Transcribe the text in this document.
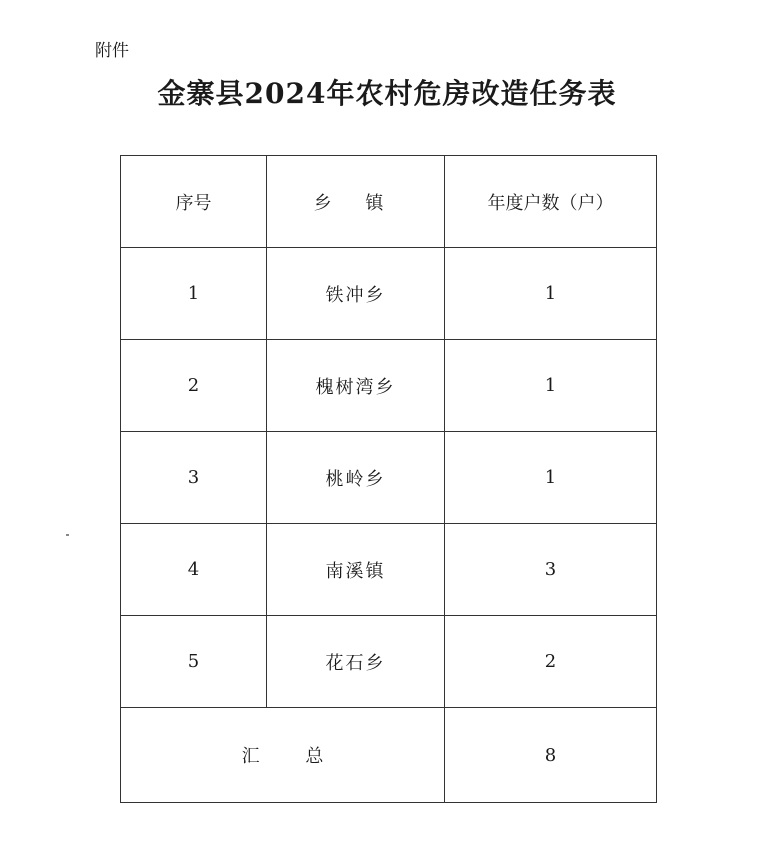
附件
金寨县2024年农村危房改造任务表
序号	乡 镇	年度户数（户）
1	铁冲乡	1
2	槐树湾乡	1
3	桃岭乡	1
4	南溪镇	3
5	花石乡	2
汇 总		8
